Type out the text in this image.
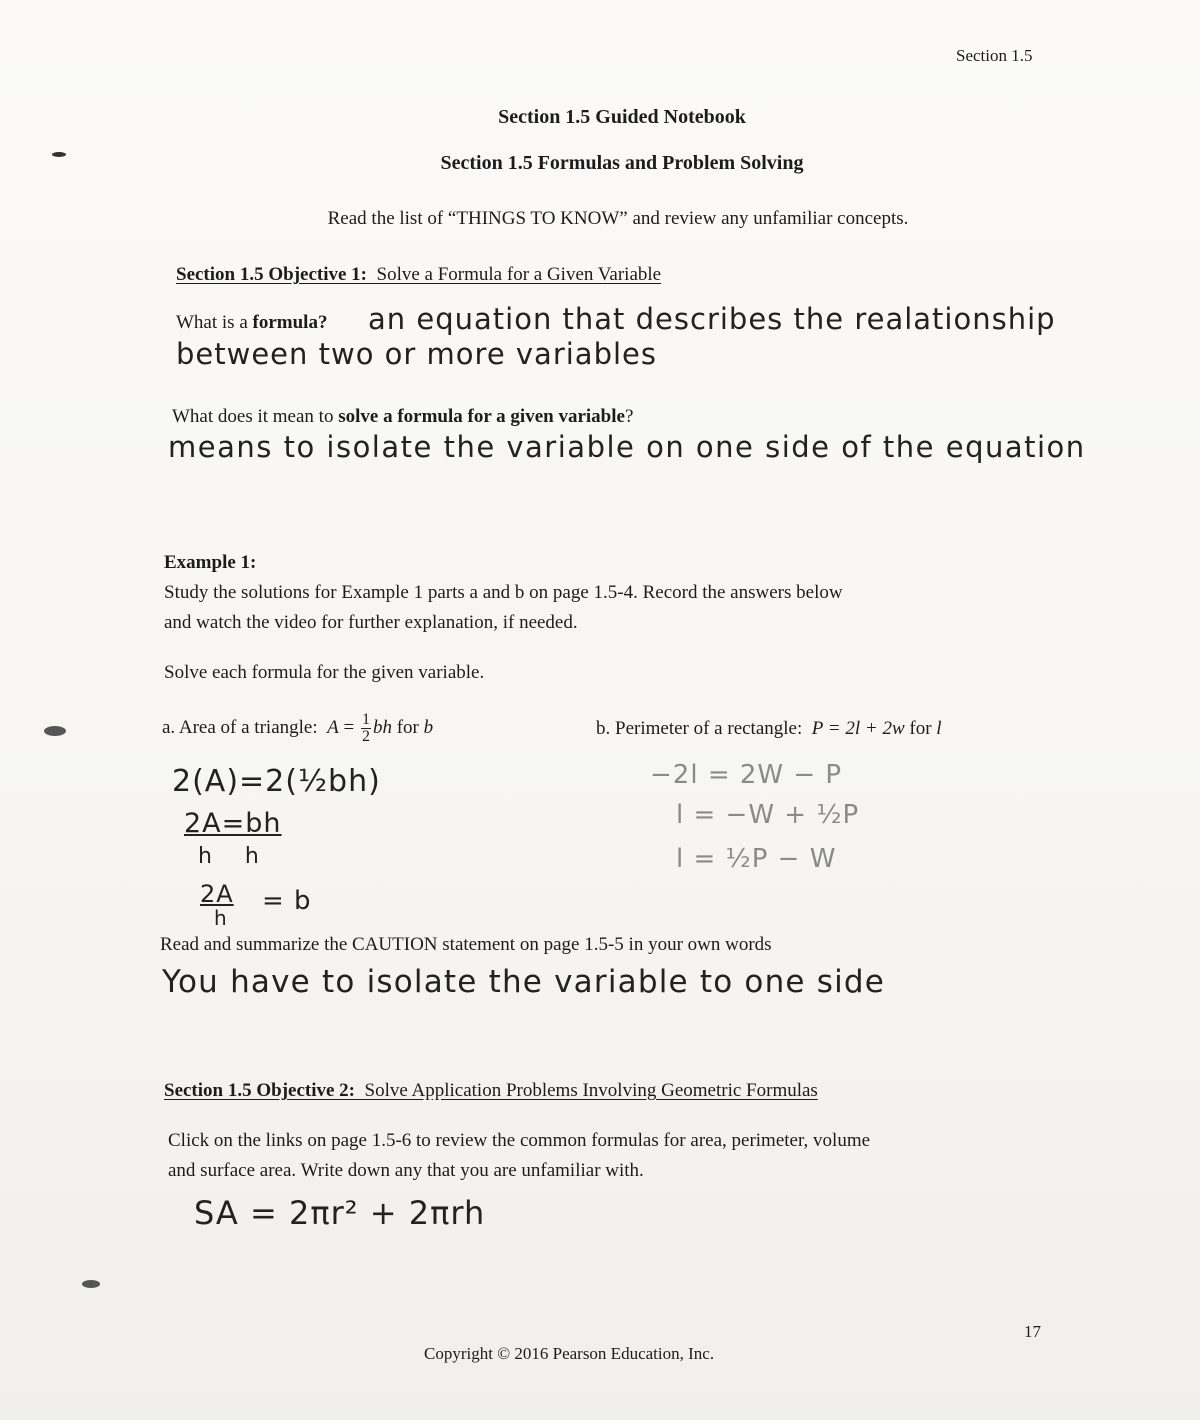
Section 1.5
Section 1.5 Guided Notebook
Section 1.5 Formulas and Problem Solving
Read the list of “THINGS TO KNOW” and review any unfamiliar concepts.
Section 1.5 Objective 1:  Solve a Formula for a Given Variable
What is a formula? an equation that describes the realationship
between two or more variables
What does it mean to solve a formula for a given variable?
means to isolate the variable on one side of the equation
Example 1:
Study the solutions for Example 1 parts a and b on page 1.5-4. Record the answers below
and watch the video for further explanation, if needed.
Solve each formula for the given variable.
a. Area of a triangle:  $A = \frac{1}{2}$ bh for b
2(A)=2(½bh)
2A=bh
h    h
2A
h
= b
b. Perimeter of a rectangle:  P = 2l + 2w for l
−2l = 2W − P
l = −W + ½P
l = ½P − W
Read and summarize the CAUTION statement on page 1.5-5 in your own words
You have to isolate the variable to one side
Section 1.5 Objective 2:  Solve Application Problems Involving Geometric Formulas
Click on the links on page 1.5-6 to review the common formulas for area, perimeter, volume
and surface area. Write down any that you are unfamiliar with.
SA = 2πr² + 2πrh
17
Copyright © 2016 Pearson Education, Inc.
